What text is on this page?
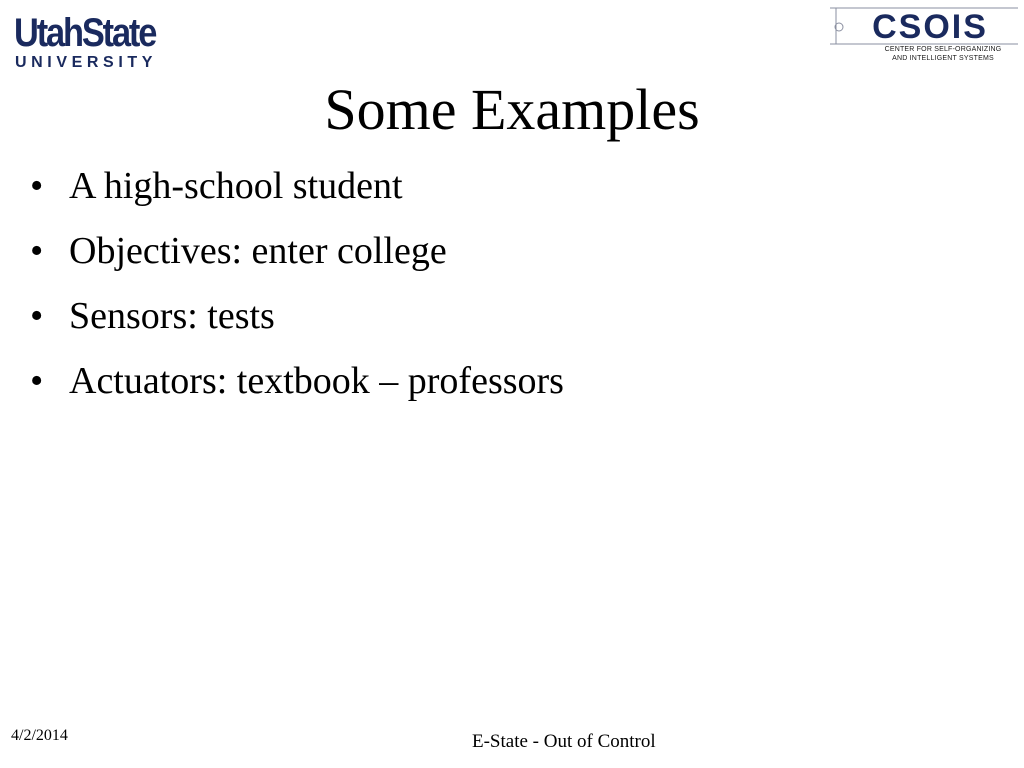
UtahState
UNIVERSITY
CSOIS
CENTER FOR SELF-ORGANIZING
AND INTELLIGENT SYSTEMS
Some Examples
• A high-school student
• Objectives: enter college
• Sensors: tests
• Actuators: textbook – professors
4/2/2014	E-State - Out of Control
